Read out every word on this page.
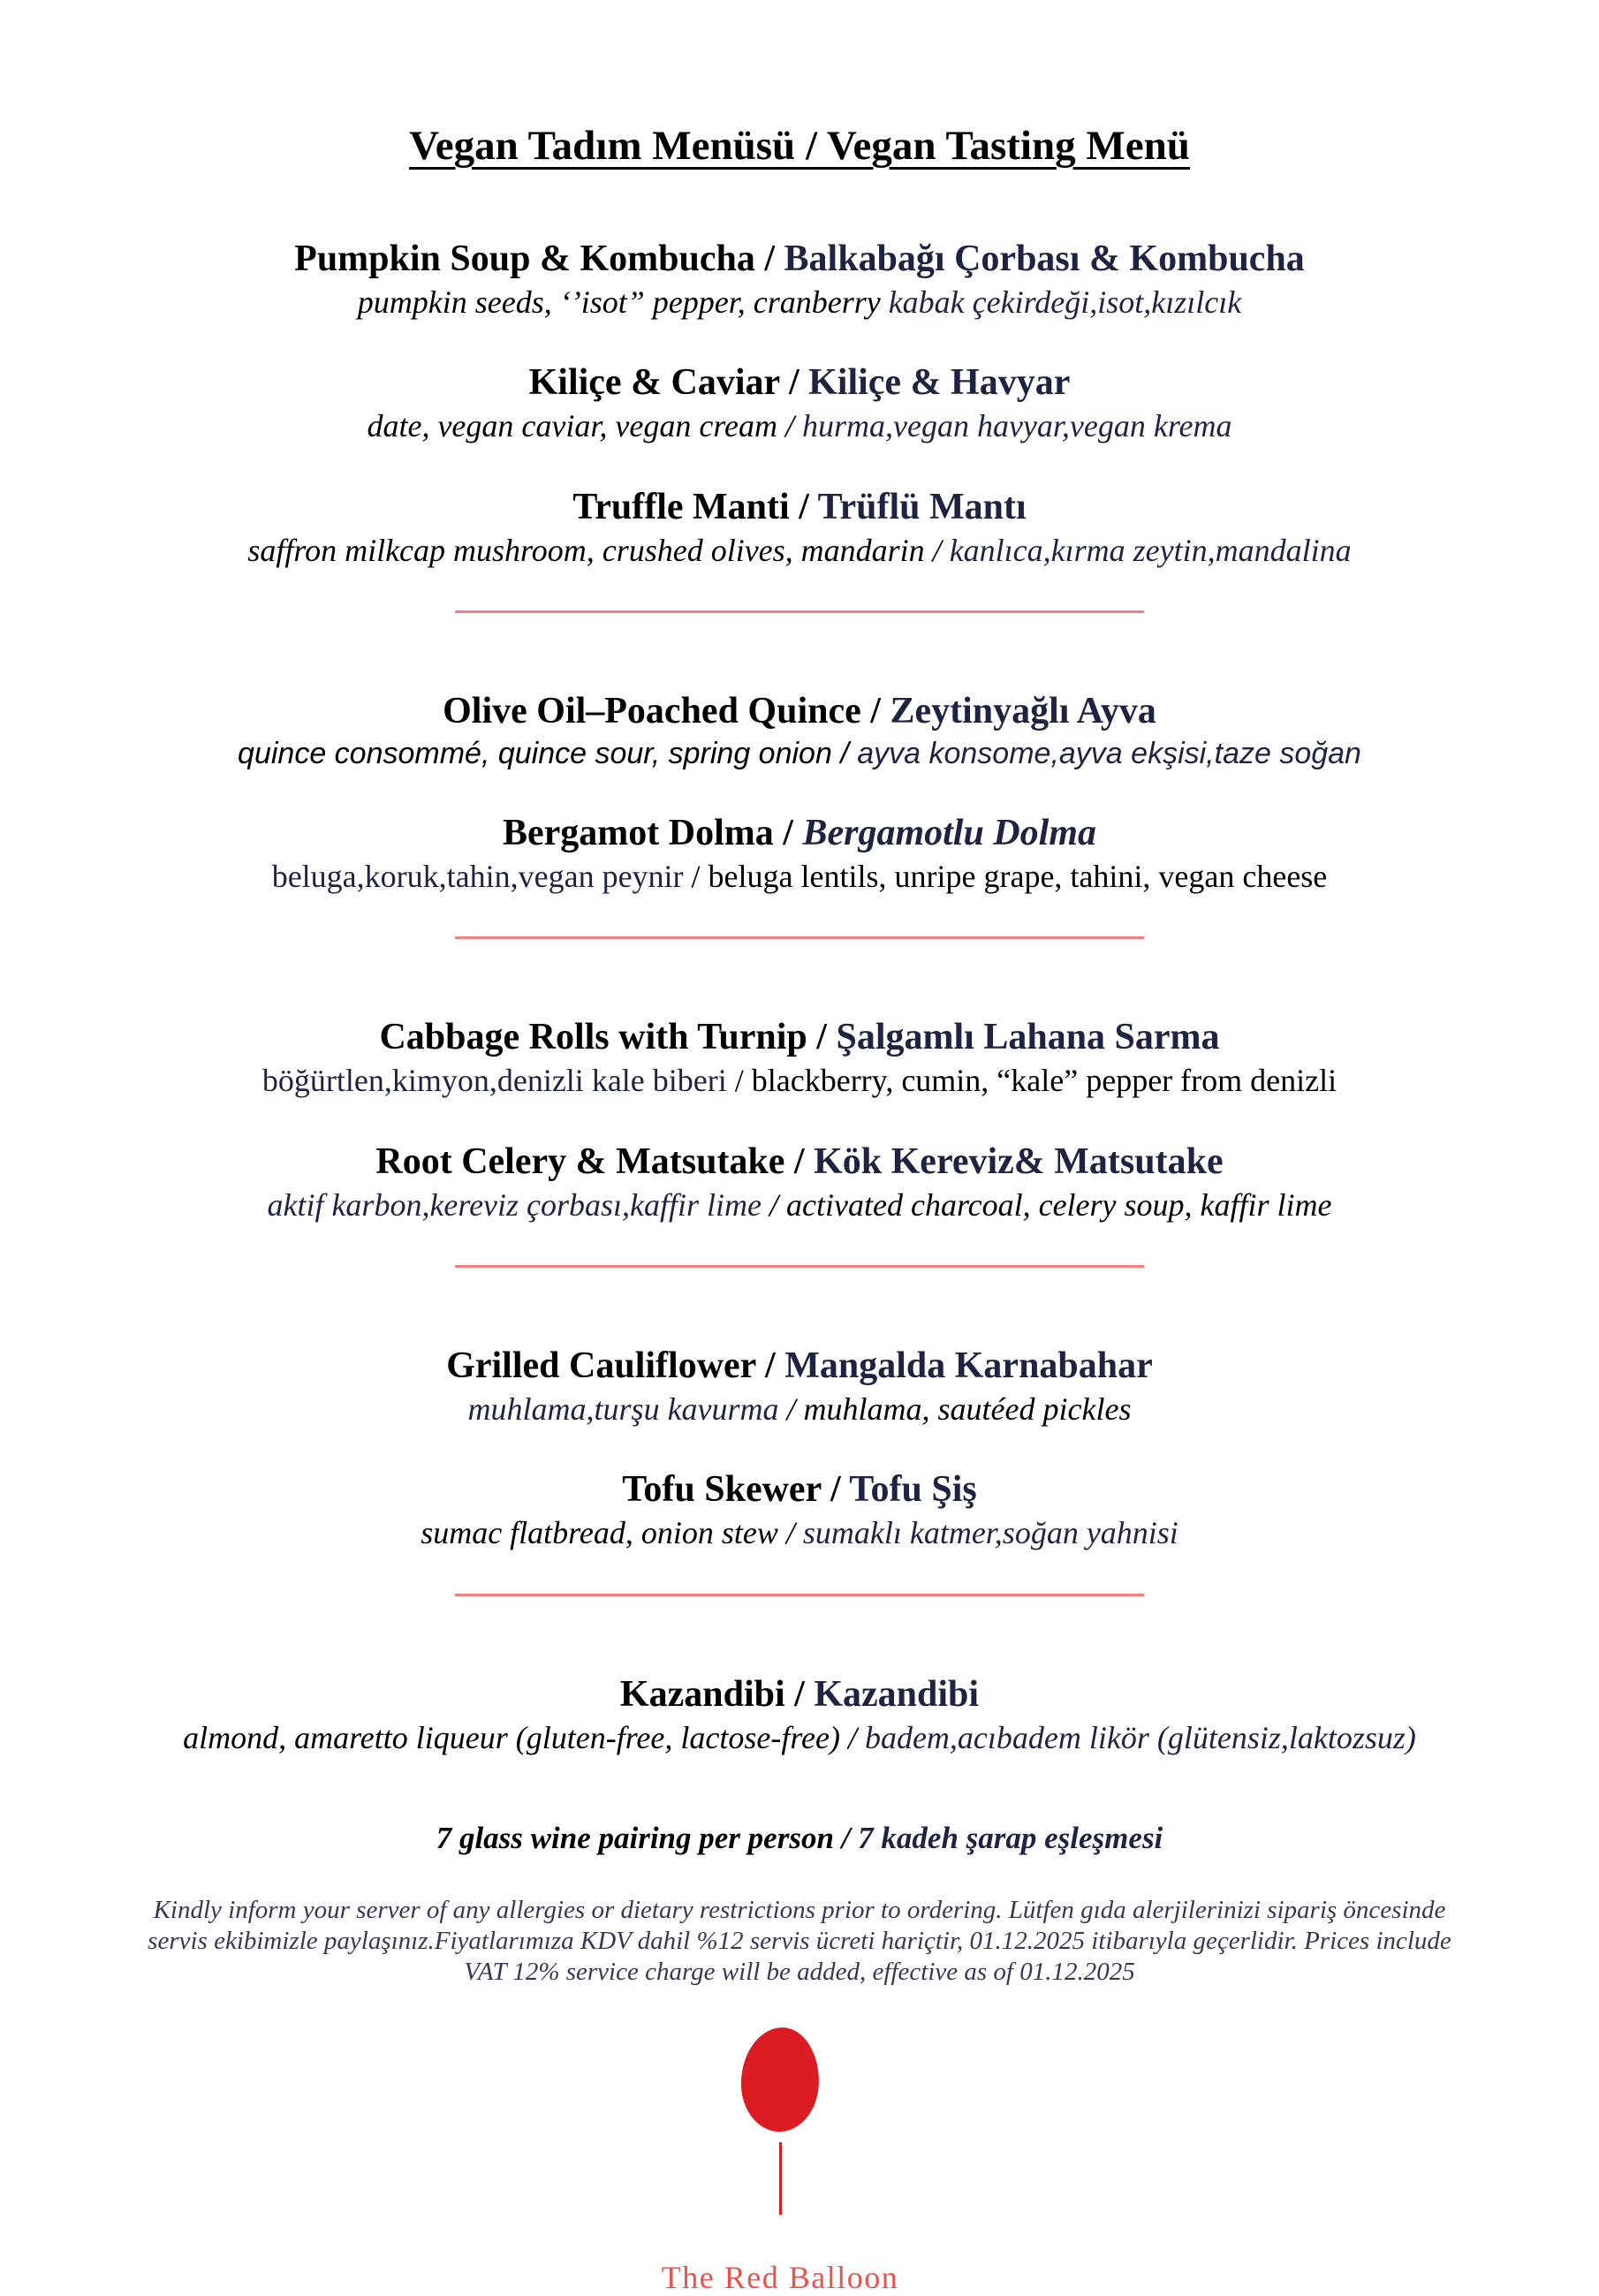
Vegan Tadım Menüsü / Vegan Tasting Menü
Pumpkin Soup & Kombucha / Balkabağı Çorbası & Kombucha

pumpkin seeds, ‘’isot” pepper, cranberry kabak çekirdeği,isot,kızılcık

Kiliçe & Caviar / Kiliçe & Havyar

date, vegan caviar, vegan cream / hurma,vegan havyar,vegan krema

Truffle Manti / Trüflü Mantı

saffron milkcap mushroom, crushed olives, mandarin / kanlıca,kırma zeytin,mandalina

Olive Oil–Poached Quince / Zeytinyağlı Ayva

quince consommé, quince sour, spring onion / ayva konsome,ayva ekşisi,taze soğan

Bergamot Dolma / Bergamotlu Dolma

beluga,koruk,tahin,vegan peynir / beluga lentils, unripe grape, tahini, vegan cheese

Cabbage Rolls with Turnip / Şalgamlı Lahana Sarma

böğürtlen,kimyon,denizli kale biberi / blackberry, cumin, “kale” pepper from denizli

Root Celery & Matsutake / Kök Kereviz& Matsutake

aktif karbon,kereviz çorbası,kaffir lime / activated charcoal, celery soup, kaffir lime

Grilled Cauliflower / Mangalda Karnabahar

muhlama,turşu kavurma / muhlama, sautéed pickles

Tofu Skewer / Tofu Şiş

sumac flatbread, onion stew / sumaklı katmer,soğan yahnisi

Kazandibi / Kazandibi

almond, amaretto liqueur (gluten-free, lactose-free) / badem,acıbadem likör (glütensiz,laktozsuz)

7 glass wine pairing per person / 7 kadeh şarap eşleşmesi

Kindly inform your server of any allergies or dietary restrictions prior to ordering. Lütfen gıda alerjilerinizi sipariş öncesinde

servis ekibimizle paylaşınız.Fiyatlarımıza KDV dahil %12 servis ücreti hariçtir, 01.12.2025 itibarıyla geçerlidir. Prices include

VAT 12% service charge will be added, effective as of 01.12.2025

The Red Balloon
